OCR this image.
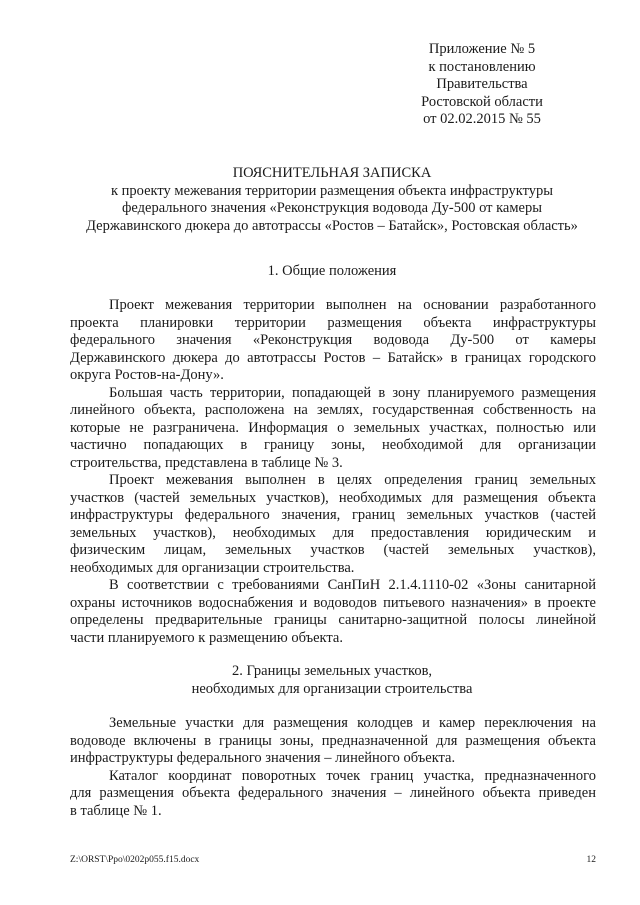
Приложение № 5
к постановлению
Правительства
Ростовской области
от 02.02.2015 № 55
ПОЯСНИТЕЛЬНАЯ ЗАПИСКА
к проекту межевания территории размещения объекта инфраструктуры
федерального значения «Реконструкция водовода Ду-500 от камеры
Державинского дюкера до автотрассы «Ростов – Батайск», Ростовская область»
1. Общие положения
Проект межевания территории выполнен на основании разработанного
проекта планировки территории размещения объекта инфраструктуры
федерального значения «Реконструкция водовода Ду-500 от камеры
Державинского дюкера до автотрассы Ростов – Батайск» в границах городского
округа Ростов-на-Дону».
Большая часть территории, попадающей в зону планируемого размещения
линейного объекта, расположена на землях, государственная собственность на
которые не разграничена. Информация о земельных участках, полностью или
частично попадающих в границу зоны, необходимой для организации
строительства, представлена в таблице № 3.
Проект межевания выполнен в целях определения границ земельных
участков (частей земельных участков), необходимых для размещения объекта
инфраструктуры федерального значения, границ земельных участков (частей
земельных участков), необходимых для предоставления юридическим и
физическим лицам, земельных участков (частей земельных участков),
необходимых для организации строительства.
В соответствии с требованиями СанПиН 2.1.4.1110-02 «Зоны санитарной
охраны источников водоснабжения и водоводов питьевого назначения» в проекте
определены предварительные границы санитарно-защитной полосы линейной
части планируемого к размещению объекта.
2. Границы земельных участков,
необходимых для организации строительства
Земельные участки для размещения колодцев и камер переключения на
водоводе включены в границы зоны, предназначенной для размещения объекта
инфраструктуры федерального значения – линейного объекта.
Каталог координат поворотных точек границ участка, предназначенного
для размещения объекта федерального значения – линейного объекта приведен
в таблице № 1.
Z:\ORST\Ppo\0202p055.f15.docx	12
